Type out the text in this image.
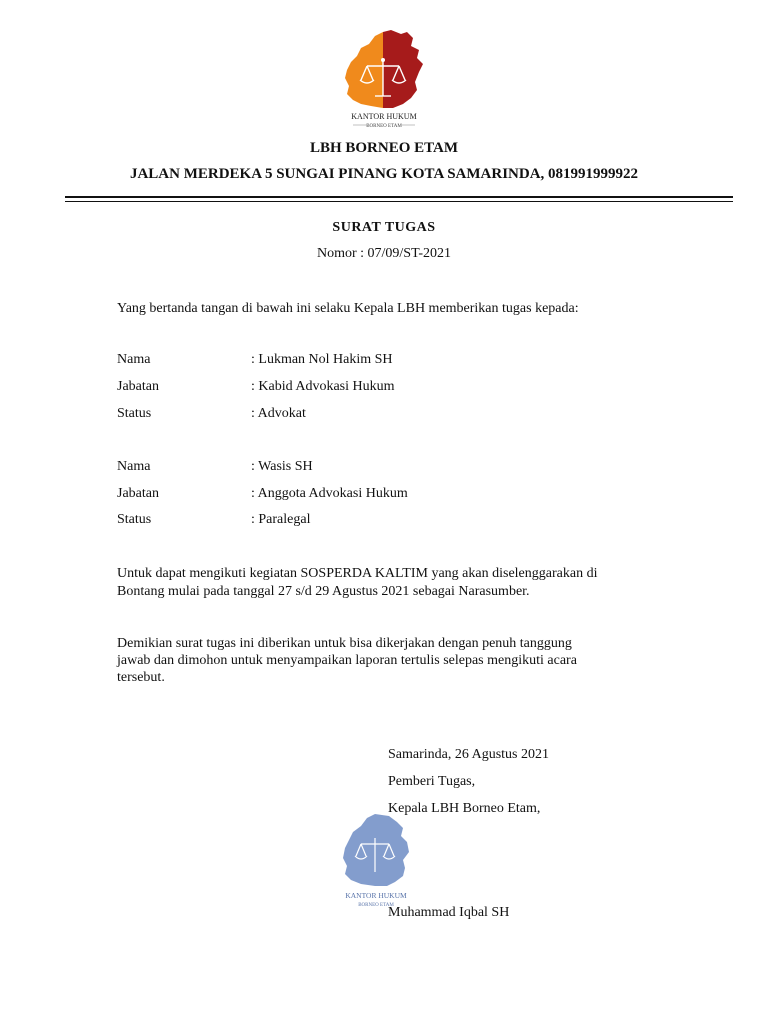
KANTOR HUKUM
BORNEO ETAM
LBH BORNEO ETAM
JALAN MERDEKA 5 SUNGAI PINANG KOTA SAMARINDA, 081991999922
SURAT TUGAS
Nomor : 07/09/ST-2021
Yang bertanda tangan di bawah ini selaku Kepala LBH memberikan tugas kepada:
Nama	: Lukman Nol Hakim SH
Jabatan	: Kabid Advokasi Hukum
Status	: Advokat
Nama	: Wasis SH
Jabatan	: Anggota Advokasi Hukum
Status	: Paralegal
Untuk dapat mengikuti kegiatan SOSPERDA KALTIM yang akan diselenggarakan di
Bontang mulai pada tanggal 27 s/d 29 Agustus 2021 sebagai Narasumber.
Demikian surat tugas ini diberikan untuk bisa dikerjakan dengan penuh tanggung
jawab dan dimohon untuk menyampaikan laporan tertulis selepas mengikuti acara
tersebut.
Samarinda, 26 Agustus 2021
Pemberi Tugas,
Kepala LBH Borneo Etam,
KANTOR HUKUM
BORNEO ETAM
Muhammad Iqbal SH
